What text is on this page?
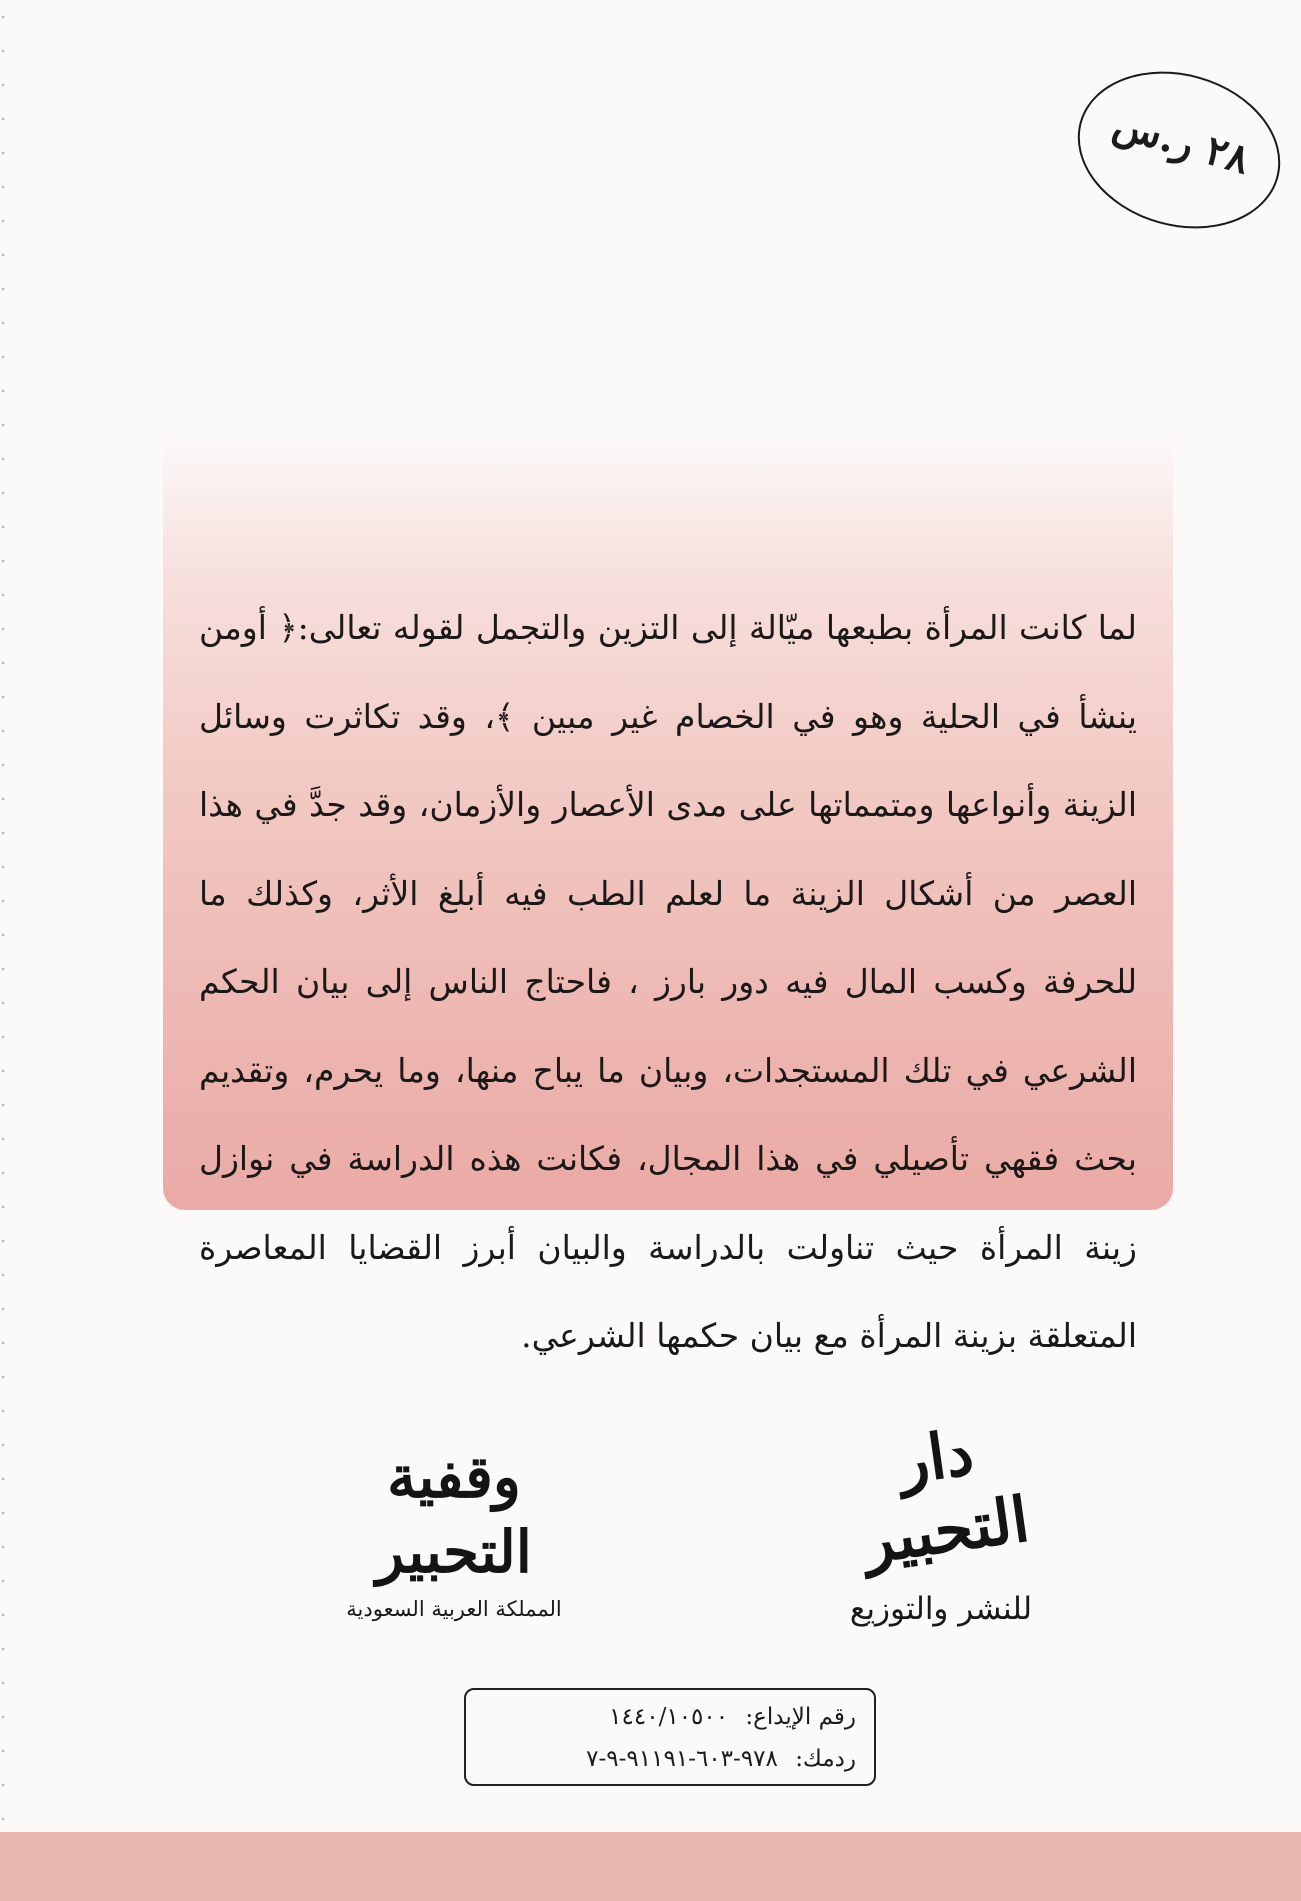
٢٨ ر.س
لما كانت المرأة بطبعها ميّالة إلى التزين والتجمل لقوله تعالى:﴿ أومن ينشأ في الحلية وهو في الخصام غير مبين ﴾، وقد تكاثرت وسائل الزينة وأنواعها ومتمماتها على مدى الأعصار والأزمان، وقد جدَّ في هذا العصر من أشكال الزينة ما لعلم الطب فيه أبلغ الأثر، وكذلك ما للحرفة وكسب المال فيه دور بارز ، فاحتاج الناس إلى بيان الحكم الشرعي في تلك المستجدات، وبيان ما يباح منها، وما يحرم، وتقديم بحث فقهي تأصيلي في هذا المجال، فكانت هذه الدراسة في نوازل زينة المرأة حيث تناولت بالدراسة والبيان أبرز القضايا المعاصرة المتعلقة بزينة المرأة مع بيان حكمها الشرعي.
دار التحبير
للنشر والتوزيع
وقفية التحبير
المملكة العربية السعودية
رقم الإيداع: ١٤٤٠/١٠٥٠٠
ردمك: ٩٧٨-٦٠٣-٩١١٩١-٩-٧
